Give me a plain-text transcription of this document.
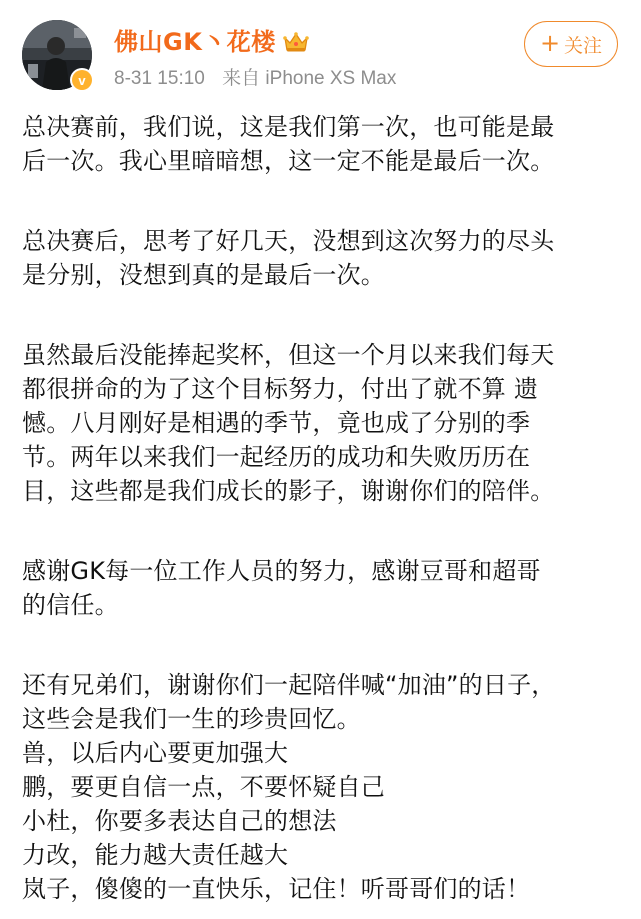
v
佛山GK丶花楼
8-31 15:10 来自 iPhone XS Max
+ 关注

总决赛前，我们说，这是我们第一次，也可能是最
后一次。我心里暗暗想，这一定不能是最后一次。

总决赛后，思考了好几天，没想到这次努力的尽头
是分别，没想到真的是最后一次。

虽然最后没能捧起奖杯，但这一个月以来我们每天
都很拼命的为了这个目标努力，付出了就不算 遗
憾。八月刚好是相遇的季节，竟也成了分别的季
节。两年以来我们一起经历的成功和失败历历在
目，这些都是我们成长的影子，谢谢你们的陪伴。

感谢GK每一位工作人员的努力，感谢豆哥和超哥
的信任。

还有兄弟们，谢谢你们一起陪伴喊“加油”的日子，
这些会是我们一生的珍贵回忆。
兽，以后内心要更加强大
鹏，要更自信一点，不要怀疑自己
小杜，你要多表达自己的想法
力改，能力越大责任越大
岚子，傻傻的一直快乐，记住！听哥哥们的话！
